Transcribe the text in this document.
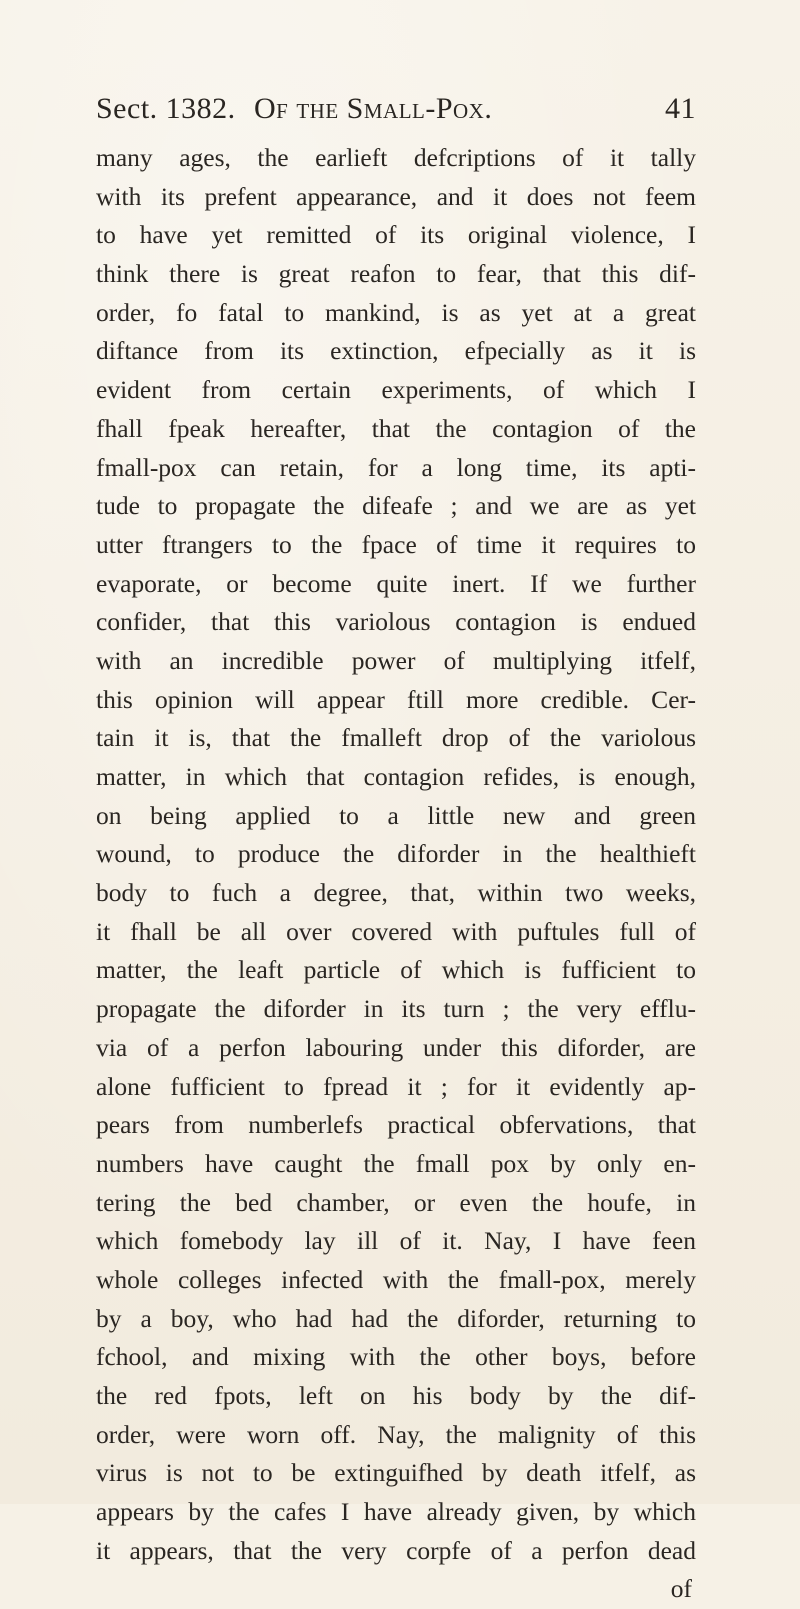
Sect. 1382. Of the Small-Pox.	41
many ages, the earlieft defcriptions of it tally
with its prefent appearance, and it does not feem
to have yet remitted of its original violence, I
think there is great reafon to fear, that this dif-
order, fo fatal to mankind, is as yet at a great
diftance from its extinction, efpecially as it is
evident from certain experiments, of which I
fhall fpeak hereafter, that the contagion of the
fmall-pox can retain, for a long time, its apti-
tude to propagate the difeafe ; and we are as yet
utter ftrangers to the fpace of time it requires to
evaporate, or become quite inert. If we further
confider, that this variolous contagion is endued
with an incredible power of multiplying itfelf,
this opinion will appear ftill more credible. Cer-
tain it is, that the fmalleft drop of the variolous
matter, in which that contagion refides, is enough,
on being applied to a little new and green
wound, to produce the diforder in the healthieft
body to fuch a degree, that, within two weeks,
it fhall be all over covered with puftules full of
matter, the leaft particle of which is fufficient to
propagate the diforder in its turn ; the very efflu-
via of a perfon labouring under this diforder, are
alone fufficient to fpread it ; for it evidently ap-
pears from numberlefs practical obfervations, that
numbers have caught the fmall pox by only en-
tering the bed chamber, or even the houfe, in
which fomebody lay ill of it. Nay, I have feen
whole colleges infected with the fmall-pox, merely
by a boy, who had had the diforder, returning to
fchool, and mixing with the other boys, before
the red fpots, left on his body by the dif-
order, were worn off. Nay, the malignity of this
virus is not to be extinguifhed by death itfelf, as
appears by the cafes I have already given, by which
it appears, that the very corpfe of a perfon dead
of
